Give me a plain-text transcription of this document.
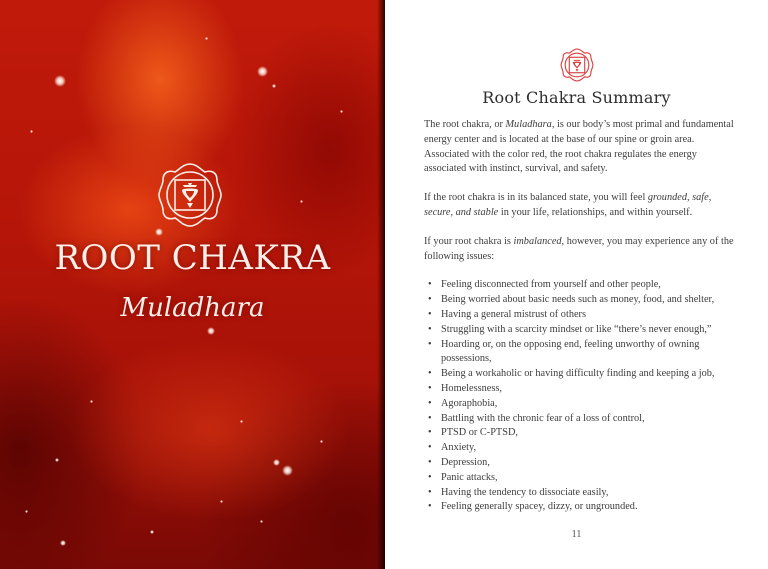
ROOT CHAKRA
Muladhara
Root Chakra Summary

The root chakra, or Muladhara, is our body’s most primal and fundamental energy center and is located at the base of our spine or groin area. Associated with the color red, the root chakra regulates the energy associated with instinct, survival, and safety.

If the root chakra is in its balanced state, you will feel grounded, safe, secure, and stable in your life, relationships, and within yourself.

If your root chakra is imbalanced, however, you may experience any of the following issues:

• Feeling disconnected from yourself and other people,
• Being worried about basic needs such as money, food, and shelter,
• Having a general mistrust of others
• Struggling with a scarcity mindset or like “there’s never enough,”
• Hoarding or, on the opposing end, feeling unworthy of owning possessions,
• Being a workaholic or having difficulty finding and keeping a job,
• Homelessness,
• Agoraphobia,
• Battling with the chronic fear of a loss of control,
• PTSD or C-PTSD,
• Anxiety,
• Depression,
• Panic attacks,
• Having the tendency to dissociate easily,
• Feeling generally spacey, dizzy, or ungrounded.
11
